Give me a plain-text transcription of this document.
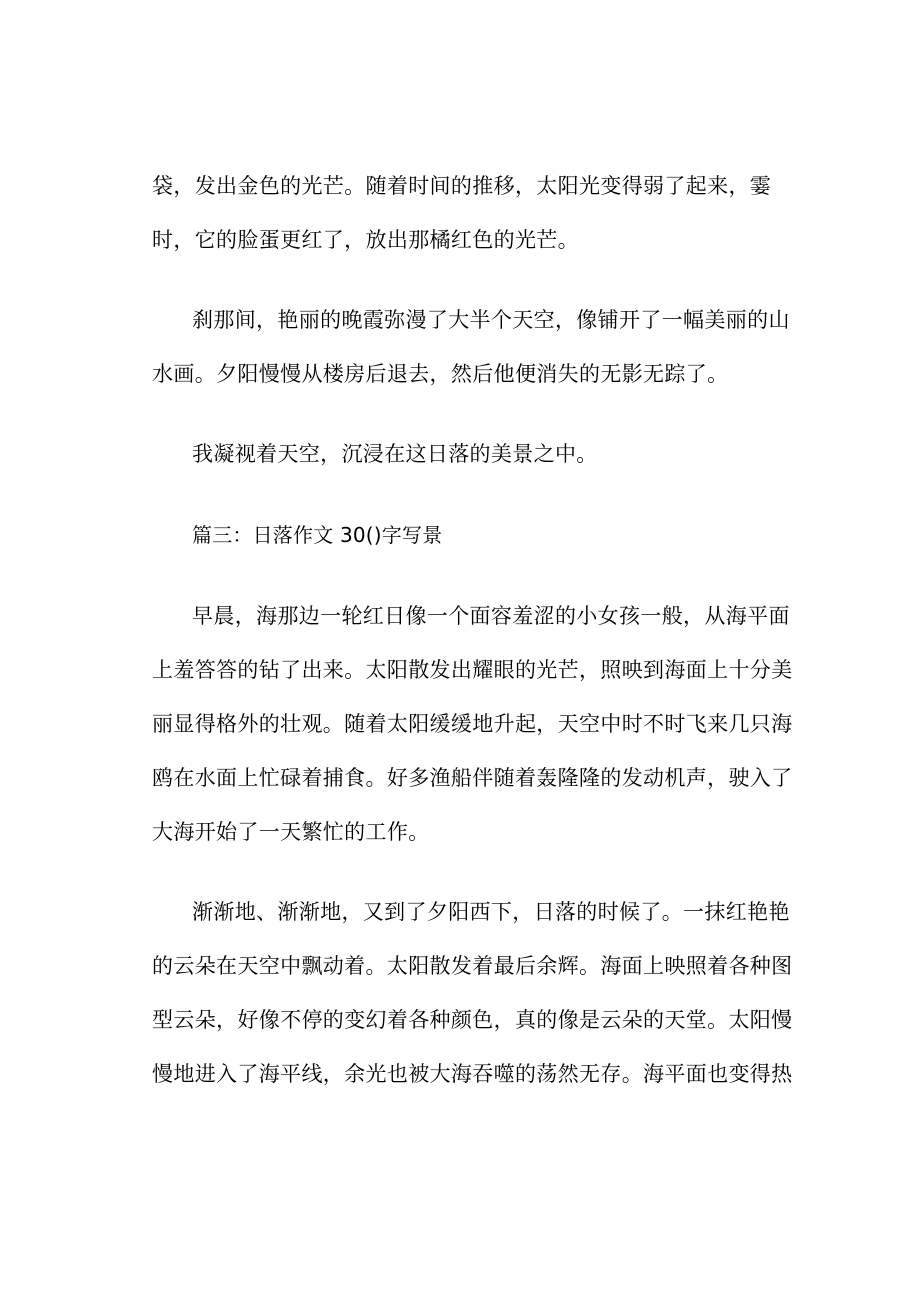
袋，发出金色的光芒。随着时间的推移，太阳光变得弱了起来，霎
时，它的脸蛋更红了，放出那橘红色的光芒。
刹那间，艳丽的晚霞弥漫了大半个天空，像铺开了一幅美丽的山
水画。夕阳慢慢从楼房后退去，然后他便消失的无影无踪了。
我凝视着天空，沉浸在这日落的美景之中。
篇三：日落作文 30()字写景
早晨，海那边一轮红日像一个面容羞涩的小女孩一般，从海平面
上羞答答的钻了出来。太阳散发出耀眼的光芒，照映到海面上十分美
丽显得格外的壮观。随着太阳缓缓地升起，天空中时不时飞来几只海
鸥在水面上忙碌着捕食。好多渔船伴随着轰隆隆的发动机声，驶入了
大海开始了一天繁忙的工作。
渐渐地、渐渐地，又到了夕阳西下，日落的时候了。一抹红艳艳
的云朵在天空中飘动着。太阳散发着最后余辉。海面上映照着各种图
型云朵，好像不停的变幻着各种颜色，真的像是云朵的天堂。太阳慢
慢地进入了海平线，余光也被大海吞噬的荡然无存。海平面也变得热
